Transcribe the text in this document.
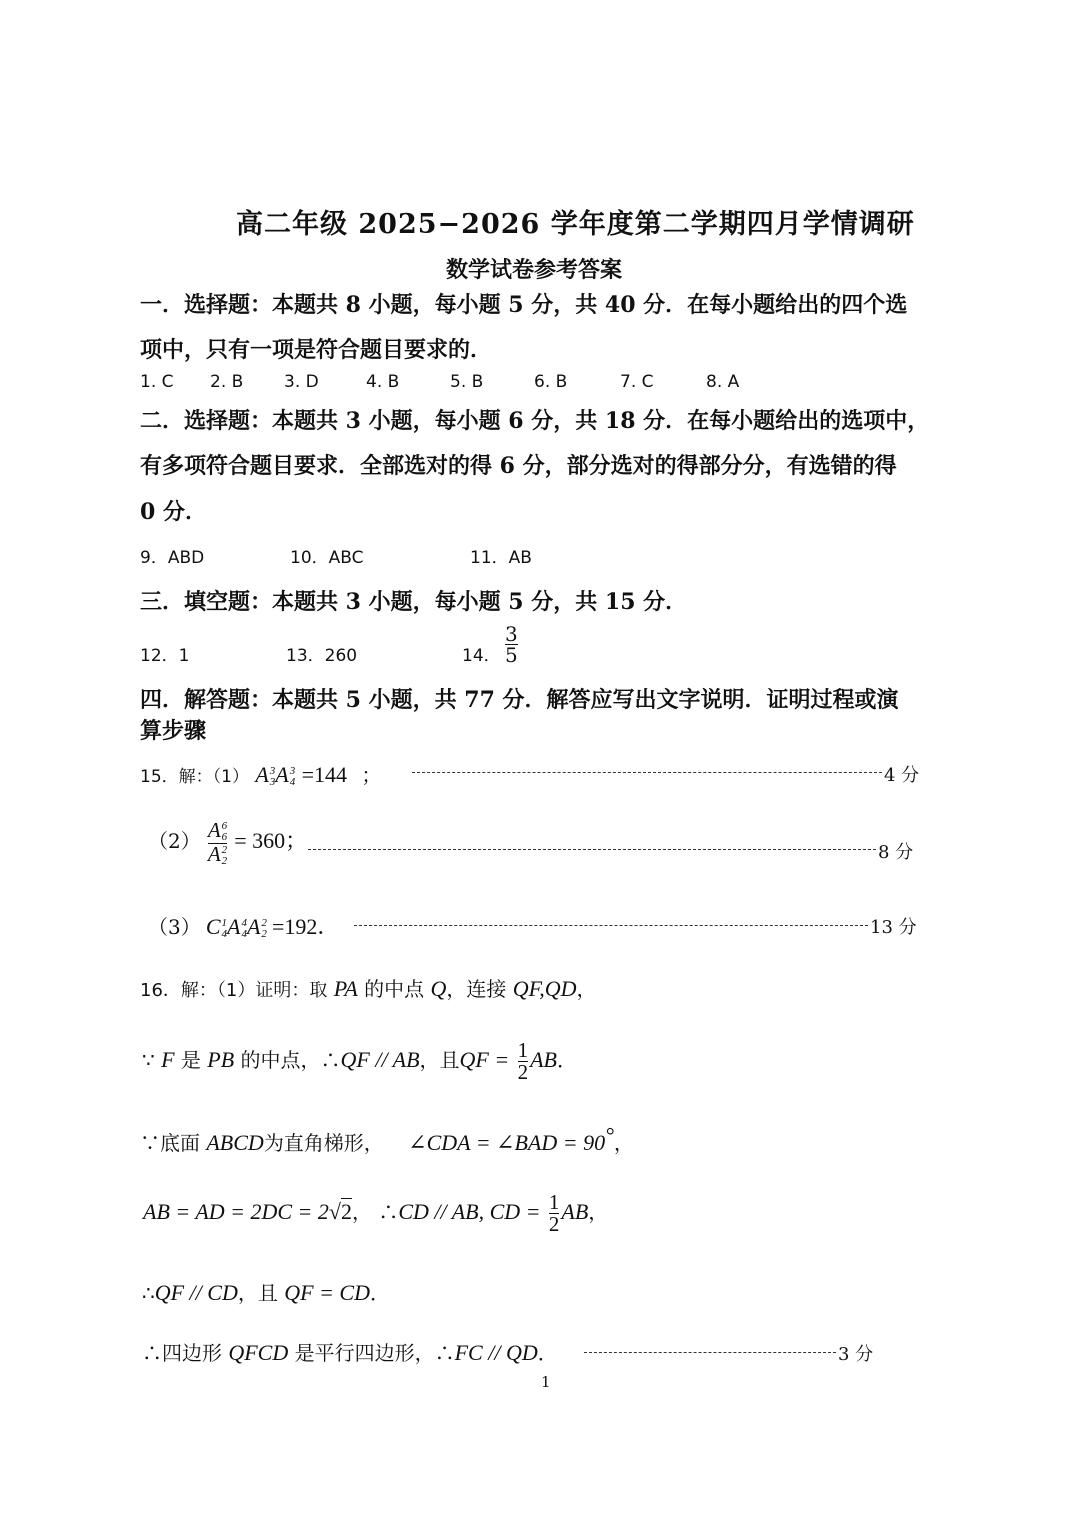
高二年级 2025−2026 学年度第二学期四月学情调研
数学试卷参考答案
一．选择题：本题共 8 小题，每小题 5 分，共 40 分．在每小题给出的四个选
项中，只有一项是符合题目要求的．
1. C 2. B 3. D	4. B	5. B	6. B	7. C	8. A
二．选择题：本题共 3 小题，每小题 6 分，共 18 分．在每小题给出的选项中，
有多项符合题目要求．全部选对的得 6 分，部分选对的得部分分，有选错的得
0 分．
9．ABD	10．ABC	11．AB
三．填空题：本题共 3 小题，每小题 5 分，共 15 分．
12．1	13．260	14． $\frac{3}{5}$
四．解答题：本题共 5 小题，共 77 分．解答应写出文字说明．证明过程或演
算步骤
15．解：（1） A 3
3 A 3
4 =144 ；	4 分
（2） A 6
6
A 2
2 = 360；	8 分
（3） C 1
4 A 4
4 A 2
2 =192．	13 分
16．解：（1）证明：取 PA 的中点 Q，连接 QF,QD，
∵ F 是 PB 的中点，∴QF // AB，且QF = $\frac{1}{2}$ AB．
∵底面 ABCD为直角梯形， ∠CDA = ∠BAD = 90°，
AB = AD = 2DC = 2√2， ∴CD // AB, CD = $\frac{1}{2}$ AB，
∴QF // CD，且 QF = CD．
∴四边形 QFCD 是平行四边形，∴FC // QD．	3 分
1
